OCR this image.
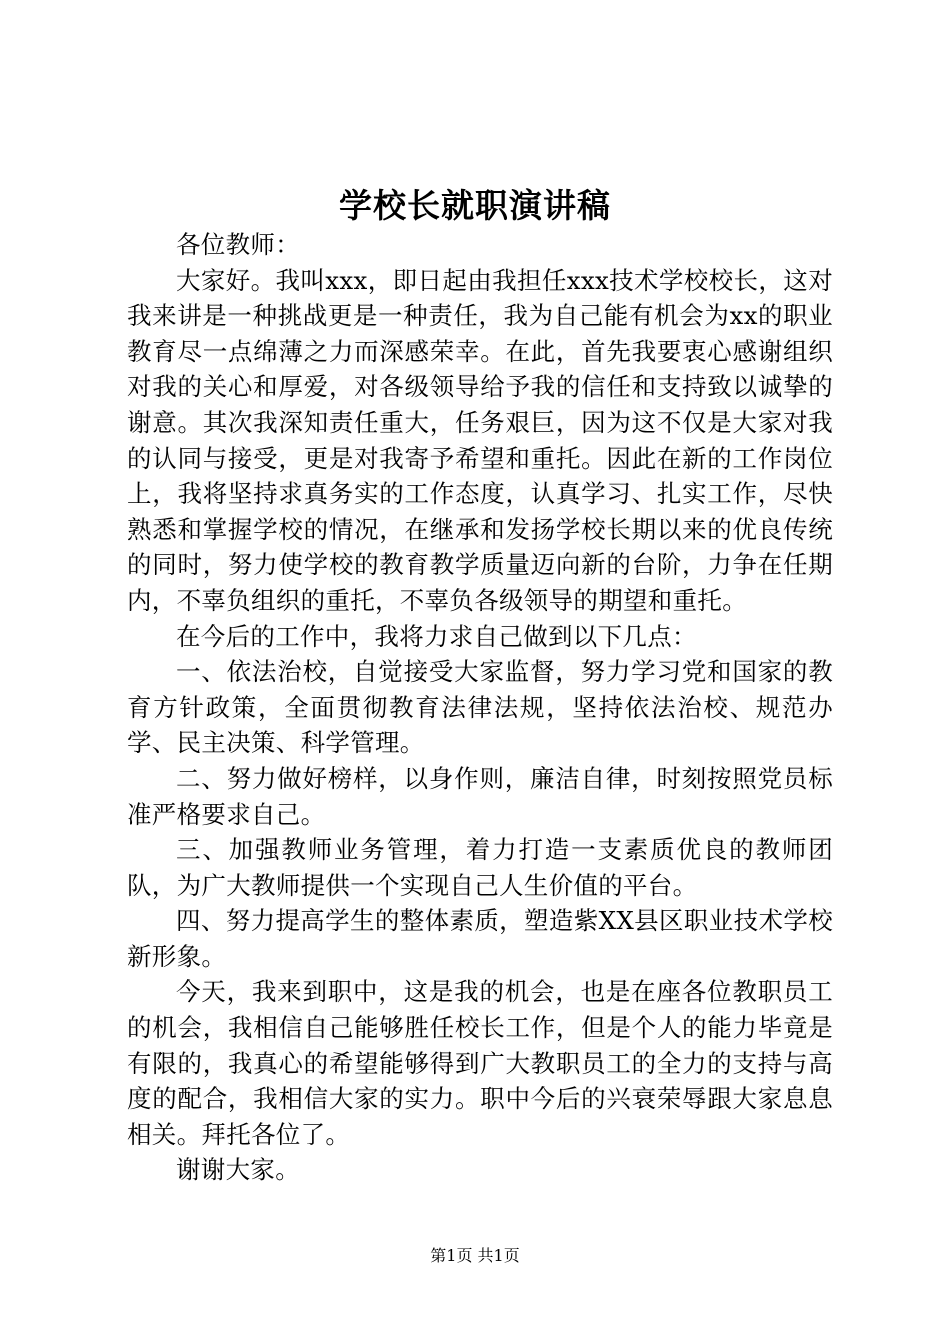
学校长就职演讲稿

各位教师：

大家好。我叫xxx，即日起由我担任xxx技术学校校长，这对我来讲是一种挑战更是一种责任，我为自己能有机会为xx的职业教育尽一点绵薄之力而深感荣幸。在此，首先我要衷心感谢组织对我的关心和厚爱，对各级领导给予我的信任和支持致以诚挚的谢意。其次我深知责任重大，任务艰巨，因为这不仅是大家对我的认同与接受，更是对我寄予希望和重托。因此在新的工作岗位上，我将坚持求真务实的工作态度，认真学习、扎实工作，尽快熟悉和掌握学校的情况，在继承和发扬学校长期以来的优良传统的同时，努力使学校的教育教学质量迈向新的台阶，力争在任期内，不辜负组织的重托，不辜负各级领导的期望和重托。

在今后的工作中，我将力求自己做到以下几点：

一、依法治校，自觉接受大家监督，努力学习党和国家的教育方针政策，全面贯彻教育法律法规，坚持依法治校、规范办学、民主决策、科学管理。

二、努力做好榜样，以身作则，廉洁自律，时刻按照党员标准严格要求自己。

三、加强教师业务管理，着力打造一支素质优良的教师团队，为广大教师提供一个实现自己人生价值的平台。

四、努力提高学生的整体素质，塑造紫XX县区职业技术学校新形象。

今天，我来到职中，这是我的机会，也是在座各位教职员工的机会，我相信自己能够胜任校长工作，但是个人的能力毕竟是有限的，我真心的希望能够得到广大教职员工的全力的支持与高度的配合，我相信大家的实力。职中今后的兴衰荣辱跟大家息息相关。拜托各位了。

谢谢大家。

第1页 共1页
